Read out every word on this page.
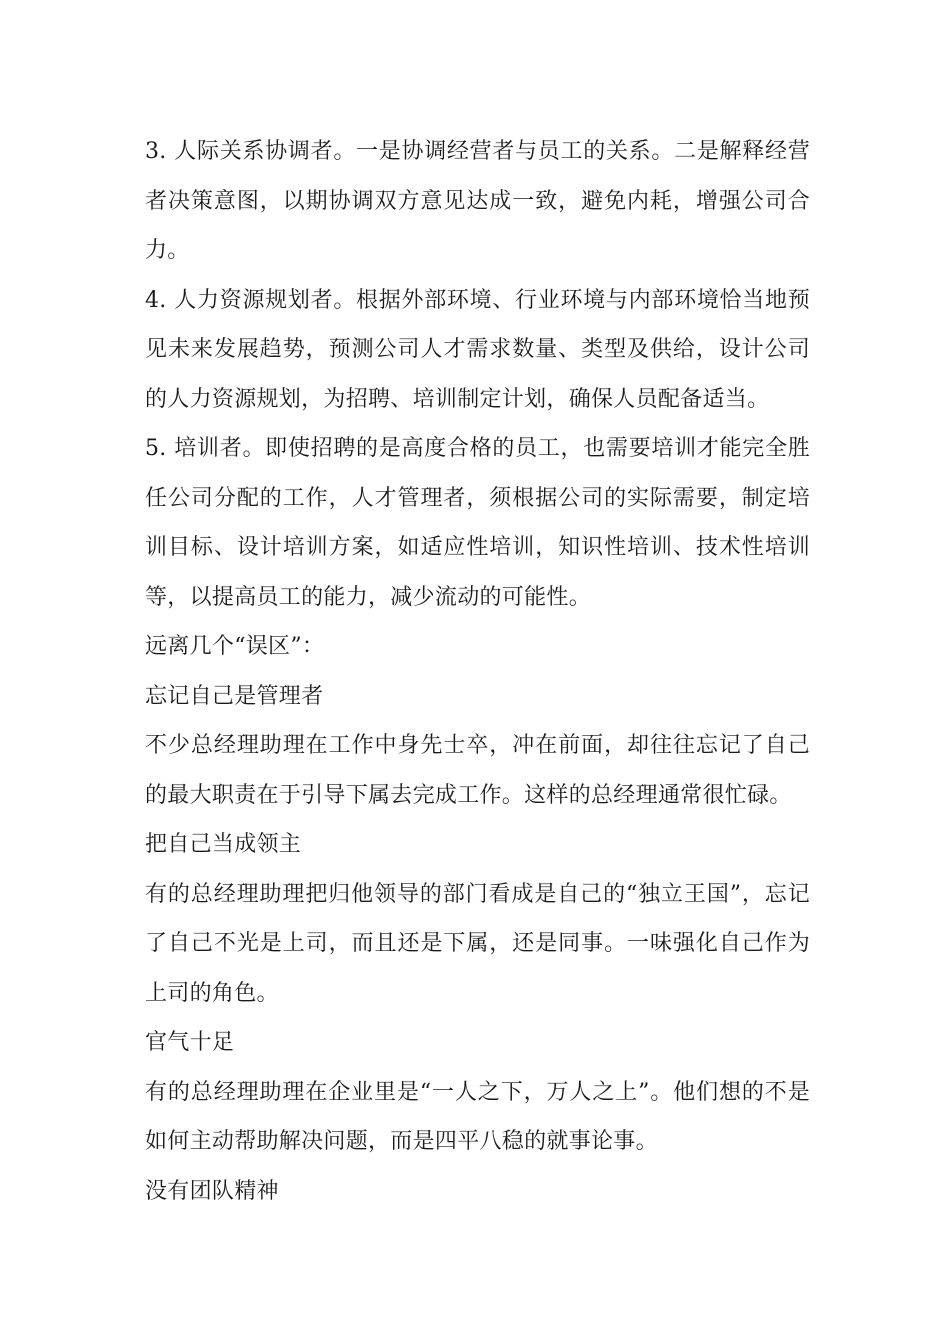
3. 人际关系协调者。一是协调经营者与员工的关系。二是解释经营者决策意图，以期协调双方意见达成一致，避免内耗，增强公司合力。

4. 人力资源规划者。根据外部环境、行业环境与内部环境恰当地预见未来发展趋势，预测公司人才需求数量、类型及供给，设计公司的人力资源规划，为招聘、培训制定计划，确保人员配备适当。

5. 培训者。即使招聘的是高度合格的员工，也需要培训才能完全胜任公司分配的工作，人才管理者，须根据公司的实际需要，制定培训目标、设计培训方案，如适应性培训，知识性培训、技术性培训等，以提高员工的能力，减少流动的可能性。

远离几个“误区”：

忘记自己是管理者

不少总经理助理在工作中身先士卒，冲在前面，却往往忘记了自己的最大职责在于引导下属去完成工作。这样的总经理通常很忙碌。

把自己当成领主

有的总经理助理把归他领导的部门看成是自己的“独立王国”，忘记了自己不光是上司，而且还是下属，还是同事。一味强化自己作为上司的角色。

官气十足

有的总经理助理在企业里是“一人之下，万人之上”。他们想的不是如何主动帮助解决问题，而是四平八稳的就事论事。

没有团队精神
